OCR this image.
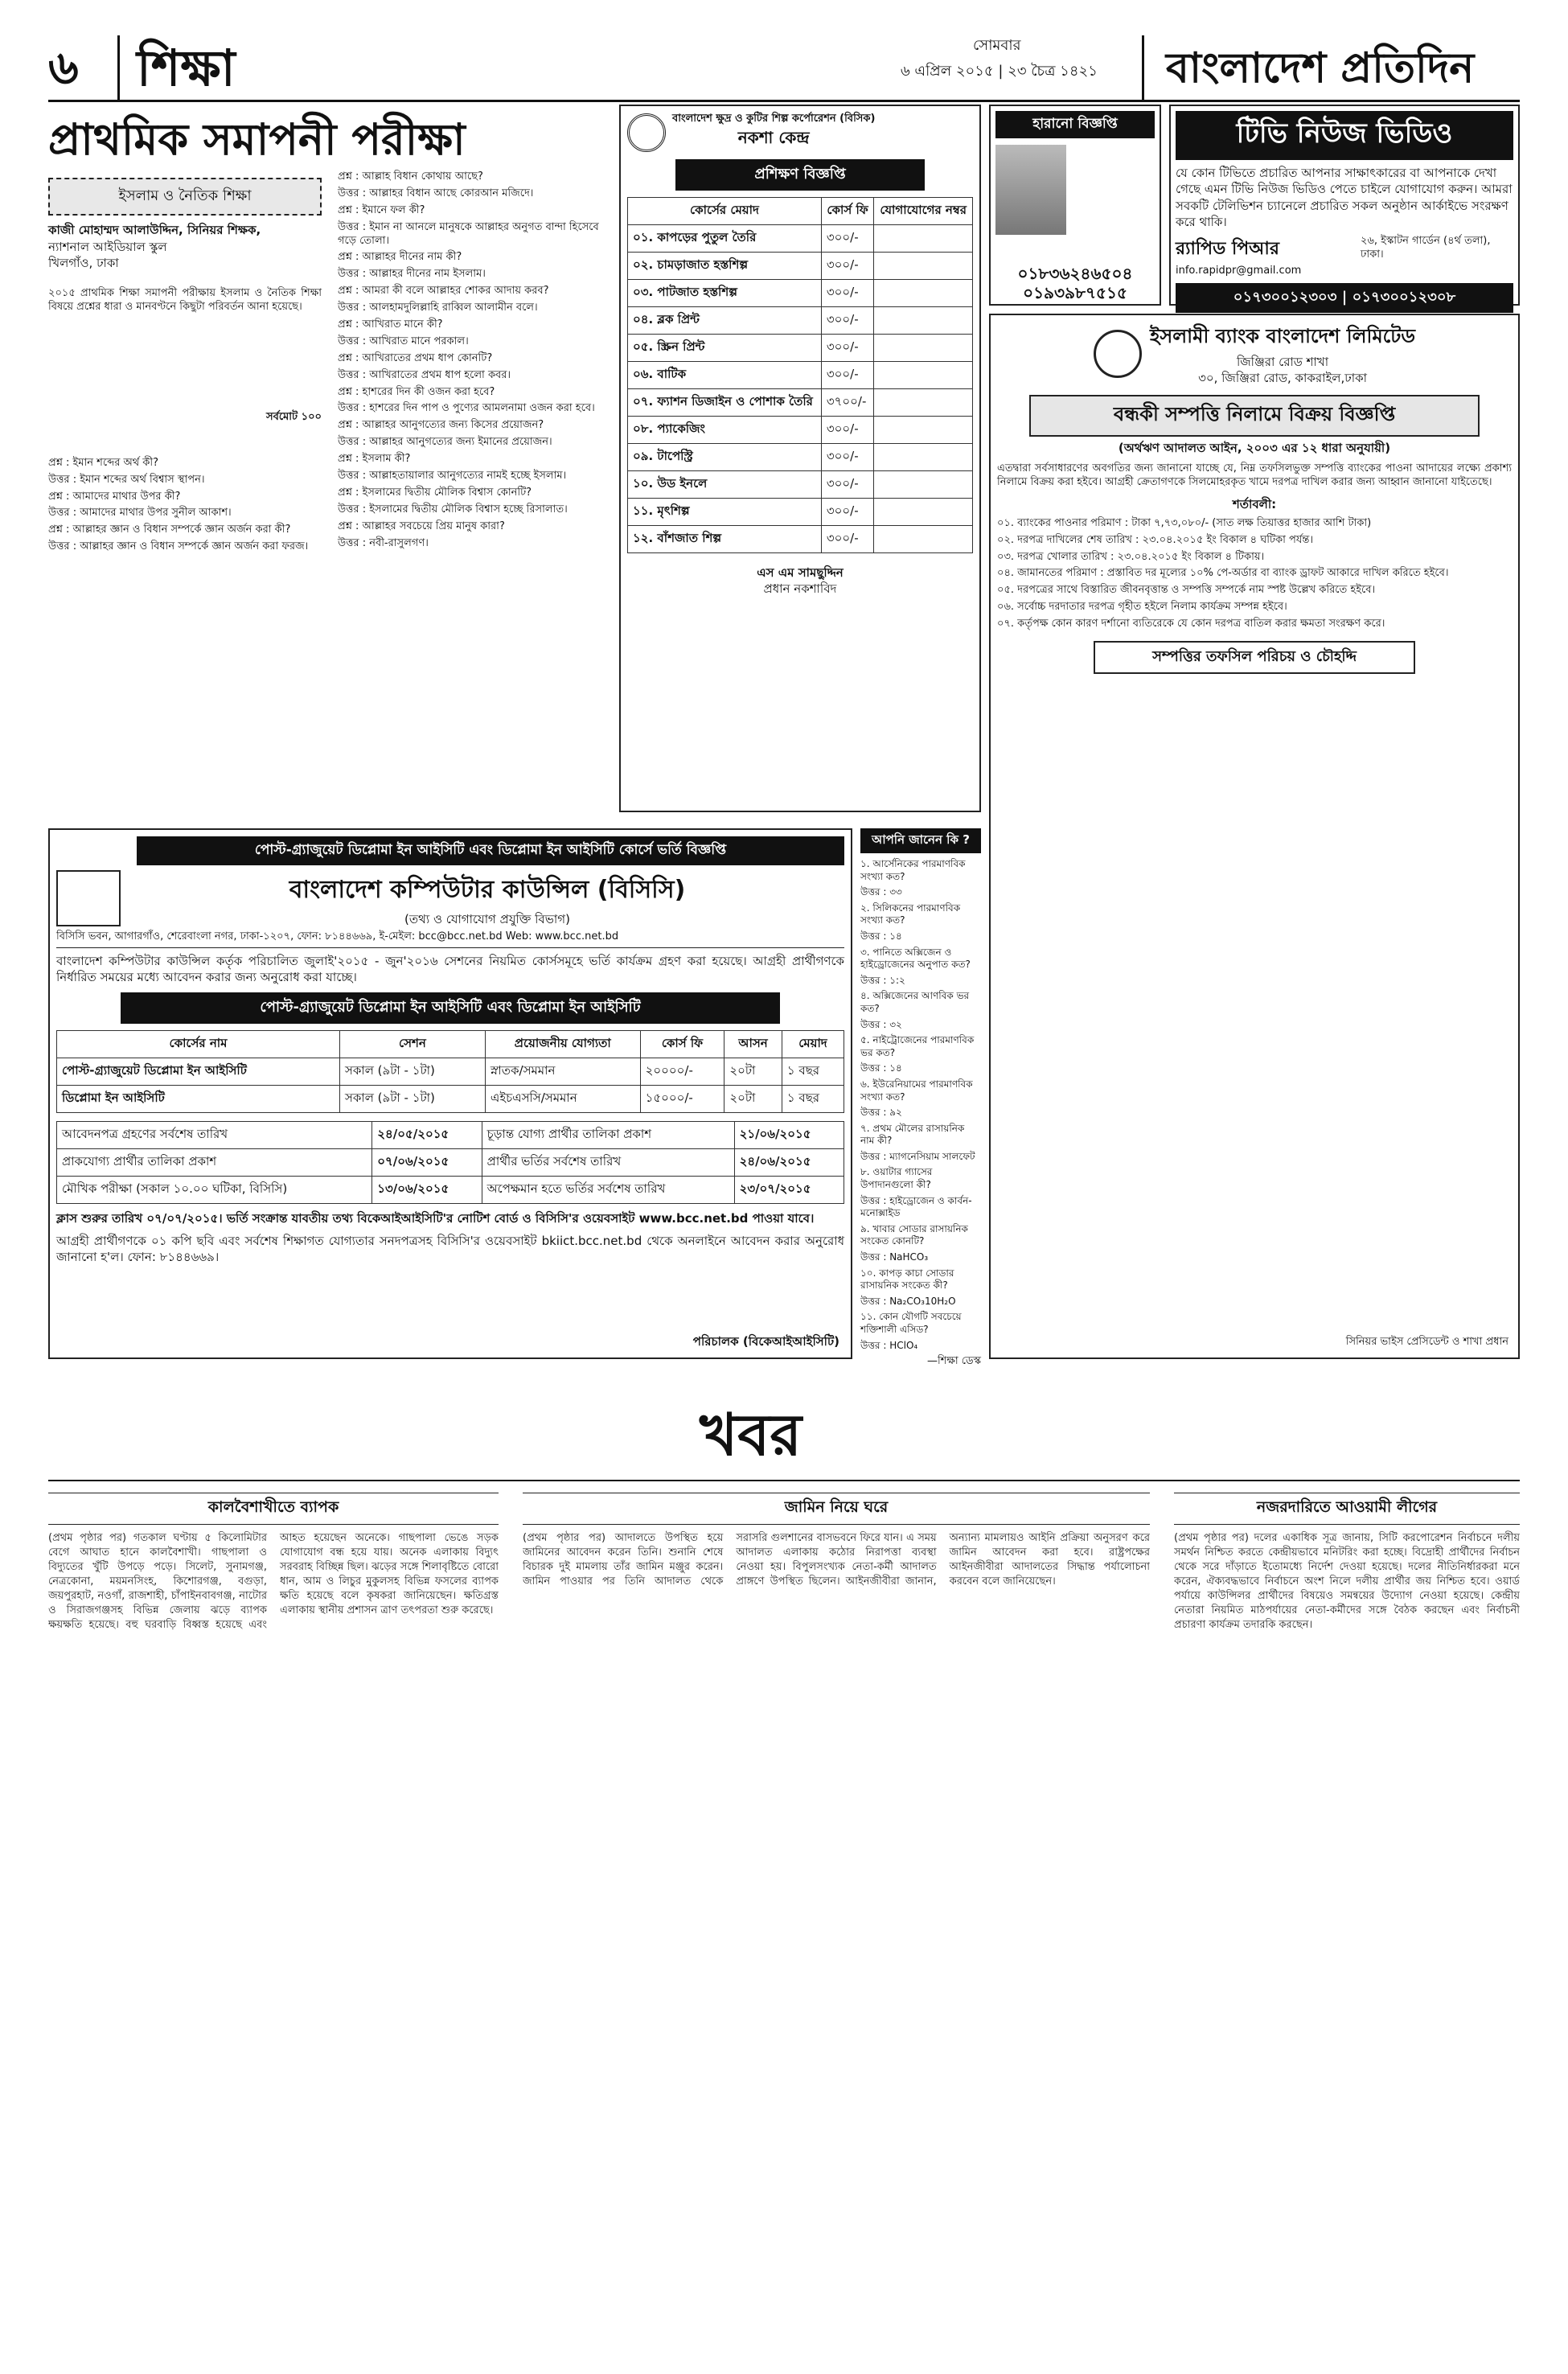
৬ শিক্ষা	সোমবার
৬ এপ্রিল ২০১৫ | ২৩ চৈত্র ১৪২১ বাংলাদেশ প্রতিদিন
প্রাথমিক সমাপনী পরীক্ষা
ইসলাম ও নৈতিক শিক্ষা
কাজী মোহাম্মদ আলাউদ্দিন, সিনিয়র শিক্ষক,
ন্যাশনাল আইডিয়াল স্কুল
খিলগাঁও, ঢাকা
২০১৫ প্রাথমিক শিক্ষা সমাপনী পরীক্ষায় ইসলাম ও নৈতিক শিক্ষা বিষয়ে প্রশ্নের ধারা ও মানবণ্টনে কিছুটা পরিবর্তন আনা হয়েছে।
সর্বমোট ১০০

প্রশ্ন : ইমান শব্দের অর্থ কী?

উত্তর : ইমান শব্দের অর্থ বিশ্বাস স্থাপন।

প্রশ্ন : আমাদের মাথার উপর কী?

উত্তর : আমাদের মাথার উপর সুনীল আকাশ।

প্রশ্ন : আল্লাহর জ্ঞান ও বিধান সম্পর্কে জ্ঞান অর্জন করা কী?

উত্তর : আল্লাহর জ্ঞান ও বিধান সম্পর্কে জ্ঞান অর্জন করা ফরজ।

প্রশ্ন : আল্লাহ বিধান কোথায় আছে?

উত্তর : আল্লাহর বিধান আছে কোরআন মজিদে।

প্রশ্ন : ইমানে ফল কী?

উত্তর : ইমান না আনলে মানুষকে আল্লাহর অনুগত বান্দা হিসেবে গড়ে তোলা।

প্রশ্ন : আল্লাহর দীনের নাম কী?

উত্তর : আল্লাহর দীনের নাম ইসলাম।

প্রশ্ন : আমরা কী বলে আল্লাহর শোকর আদায় করব?

উত্তর : আলহামদুলিল্লাহি রাব্বিল আলামীন বলে।

প্রশ্ন : আখিরাত মানে কী?

উত্তর : আখিরাত মানে পরকাল।

প্রশ্ন : আখিরাতের প্রথম ধাপ কোনটি?

উত্তর : আখিরাতের প্রথম ধাপ হলো কবর।

প্রশ্ন : হাশরের দিন কী ওজন করা হবে?

উত্তর : হাশরের দিন পাপ ও পুণ্যের আমলনামা ওজন করা হবে।

প্রশ্ন : আল্লাহর আনুগত্যের জন্য কিসের প্রয়োজন?

উত্তর : আল্লাহর আনুগত্যের জন্য ইমানের প্রয়োজন।

প্রশ্ন : ইসলাম কী?

উত্তর : আল্লাহতায়ালার আনুগত্যের নামই হচ্ছে ইসলাম।

প্রশ্ন : ইসলামের দ্বিতীয় মৌলিক বিশ্বাস কোনটি?

উত্তর : ইসলামের দ্বিতীয় মৌলিক বিশ্বাস হচ্ছে রিসালাত।

প্রশ্ন : আল্লাহর সবচেয়ে প্রিয় মানুষ কারা?

উত্তর : নবী-রাসুলগণ।

বাংলাদেশ ক্ষুদ্র ও কুটির শিল্প কর্পোরেশন (বিসিক)
নকশা কেন্দ্র
প্রশিক্ষণ বিজ্ঞপ্তি
কোর্সের মেয়াদ	কোর্স ফি	যোগাযোগের নম্বর
০১. কাপড়ের পুতুল তৈরি	৩০০/-	
০২. চামড়াজাত হস্তশিল্প	৩০০/-	
০৩. পাটজাত হস্তশিল্প	৩০০/-	
০৪. ব্লক প্রিন্ট	৩০০/-	
০৫. স্ক্রিন প্রিন্ট	৩০০/-	
০৬. বাটিক	৩০০/-	
০৭. ফ্যাশন ডিজাইন ও পোশাক তৈরি	৩৭০০/-	
০৮. প্যাকেজিং	৩০০/-	
০৯. টাপেস্ট্রি	৩০০/-	
১০. উড ইনলে	৩০০/-	
১১. মৃৎশিল্প	৩০০/-	
১২. বাঁশজাত শিল্প	৩০০/-	
এস এম সামছুদ্দিন
প্রধান নকশাবিদ
হারানো বিজ্ঞপ্তি
০১৮৩৬২৪৬৫০৪ ০১৯৩৯৮৭৫১৫
টিভি নিউজ ভিডিও
যে কোন টিভিতে প্রচারিত আপনার সাক্ষাৎকারের বা আপনাকে দেখা গেছে এমন টিভি নিউজ ভিডিও পেতে চাইলে যোগাযোগ করুন। আমরা সবকটি টেলিভিশন চ্যানেলে প্রচারিত সকল অনুষ্ঠান আর্কাইভে সংরক্ষণ করে থাকি।
র‍্যাপিড পিআর
info.rapidpr@gmail.com
২৬, ইস্কাটন গার্ডেন (৪র্থ তলা), ঢাকা।
০১৭৩০০১২৩০৩ | ০১৭৩০০১২৩০৮
ইসলামী ব্যাংক বাংলাদেশ লিমিটেড
জিঞ্জিরা রোড শাখা
৩০, জিঞ্জিরা রোড, কাকরাইল,ঢাকা
বন্ধকী সম্পত্তি নিলামে বিক্রয় বিজ্ঞপ্তি
(অর্থঋণ আদালত আইন, ২০০৩ এর ১২ ধারা অনুযায়ী)
এতদ্বারা সর্বসাধারণের অবগতির জন্য জানানো যাচ্ছে যে, নিম্ন তফসিলভুক্ত সম্পত্তি ব্যাংকের পাওনা আদায়ের লক্ষ্যে প্রকাশ্য নিলামে বিক্রয় করা হইবে। আগ্রহী ক্রেতাগণকে সিলমোহরকৃত খামে দরপত্র দাখিল করার জন্য আহ্বান জানানো যাইতেছে।
শর্তাবলী:

০১. ব্যাংকের পাওনার পরিমাণ : টাকা ৭,৭৩,০৮০/- (সাত লক্ষ তিয়াত্তর হাজার আশি টাকা)

০২. দরপত্র দাখিলের শেষ তারিখ : ২৩.০৪.২০১৫ ইং বিকাল ৪ ঘটিকা পর্যন্ত।

০৩. দরপত্র খোলার তারিখ : ২৩.০৪.২০১৫ ইং বিকাল ৪ টিকায়।

০৪. জামানতের পরিমাণ : প্রস্তাবিত দর মূল্যের ১০% পে-অর্ডার বা ব্যাংক ড্রাফট আকারে দাখিল করিতে হইবে।

০৫. দরপত্রের সাথে বিস্তারিত জীবনবৃত্তান্ত ও সম্পত্তি সম্পর্কে নাম স্পষ্ট উল্লেখ করিতে হইবে।

০৬. সর্বোচ্চ দরদাতার দরপত্র গৃহীত হইলে নিলাম কার্যক্রম সম্পন্ন হইবে।

০৭. কর্তৃপক্ষ কোন কারণ দর্শানো ব্যতিরেকে যে কোন দরপত্র বাতিল করার ক্ষমতা সংরক্ষণ করে।

সম্পত্তির তফসিল পরিচয় ও চৌহদ্দি
সিনিয়র ভাইস প্রেসিডেন্ট ও শাখা প্রধান
পোস্ট-গ্র্যাজুয়েট ডিপ্লোমা ইন আইসিটি এবং ডিপ্লোমা ইন আইসিটি কোর্সে ভর্তি বিজ্ঞপ্তি
বাংলাদেশ কম্পিউটার কাউন্সিল (বিসিসি)
(তথ্য ও যোগাযোগ প্রযুক্তি বিভাগ)
বিসিসি ভবন, আগারগাঁও, শেরেবাংলা নগর, ঢাকা-১২০৭, ফোন: ৮১৪৪৬৬৯, ই-মেইল: bcc@bcc.net.bd Web: www.bcc.net.bd
বাংলাদেশ কম্পিউটার কাউন্সিল কর্তৃক পরিচালিত জুলাই'২০১৫ - জুন'২০১৬ সেশনের নিয়মিত কোর্সসমূহে ভর্তি কার্যক্রম গ্রহণ করা হয়েছে। আগ্রহী প্রার্থীগণকে নির্ধারিত সময়ের মধ্যে আবেদন করার জন্য অনুরোধ করা যাচ্ছে।
পোস্ট-গ্র্যাজুয়েট ডিপ্লোমা ইন আইসিটি এবং ডিপ্লোমা ইন আইসিটি
কোর্সের নাম	সেশন	প্রয়োজনীয় যোগ্যতা	কোর্স ফি	আসন	মেয়াদ
পোস্ট-গ্র্যাজুয়েট ডিপ্লোমা ইন আইসিটি	সকাল (৯টা - ১টা)	স্নাতক/সমমান	২০০০০/-	২০টা	১ বছর
ডিপ্লোমা ইন আইসিটি	সকাল (৯টা - ১টা)	এইচএসসি/সমমান	১৫০০০/-	২০টা	১ বছর
আবেদনপত্র গ্রহণের সর্বশেষ তারিখ	২৪/০৫/২০১৫	চূড়ান্ত যোগ্য প্রার্থীর তালিকা প্রকাশ	২১/০৬/২০১৫
প্রাকযোগ্য প্রার্থীর তালিকা প্রকাশ	০৭/০৬/২০১৫	প্রার্থীর ভর্তির সর্বশেষ তারিখ	২৪/০৬/২০১৫
মৌখিক পরীক্ষা (সকাল ১০.০০ ঘটিকা, বিসিসি)	১৩/০৬/২০১৫	অপেক্ষমান হতে ভর্তির সর্বশেষ তারিখ	২৩/০৭/২০১৫
ক্লাস শুরুর তারিখ ০৭/০৭/২০১৫। ভর্তি সংক্রান্ত যাবতীয় তথ্য বিকেআইআইসিটি'র নোটিশ বোর্ড ও বিসিসি'র ওয়েবসাইট www.bcc.net.bd পাওয়া যাবে।
আগ্রহী প্রার্থীগণকে ০১ কপি ছবি এবং সর্বশেষ শিক্ষাগত যোগ্যতার সনদপত্রসহ বিসিসি'র ওয়েবসাইট bkiict.bcc.net.bd থেকে অনলাইনে আবেদন করার অনুরোধ জানানো হ'ল। ফোন: ৮১৪৪৬৬৯।
পরিচালক (বিকেআইআইসিটি)
আপনি জানেন কি ?

১. আর্সেনিকের পারমাণবিক সংখ্যা কত?

উত্তর : ৩৩

২. সিলিকনের পারমাণবিক সংখ্যা কত?

উত্তর : ১৪

৩. পানিতে অক্সিজেন ও হাইড্রোজেনের অনুপাত কত?

উত্তর : ১:২

৪. অক্সিজেনের আণবিক ভর কত?

উত্তর : ৩২

৫. নাইট্রোজেনের পারমাণবিক ভর কত?

উত্তর : ১৪

৬. ইউরেনিয়ামের পারমাণবিক সংখ্যা কত?

উত্তর : ৯২

৭. প্রথম মৌলের রাসায়নিক নাম কী?

উত্তর : ম্যাগনেসিয়াম সালফেট

৮. ওয়াটার গ্যাসের উপাদানগুলো কী?

উত্তর : হাইড্রোজেন ও কার্বন-মনোক্সাইড

৯. খাবার সোডার রাসায়নিক সংকেত কোনটি?

উত্তর : NaHCO₃

১০. কাপড় কাচা সোডার রাসায়নিক সংকেত কী?

উত্তর : Na₂CO₃10H₂O

১১. কোন যৌগটি সবচেয়ে শক্তিশালী এসিড?

উত্তর : HClO₄

—শিক্ষা ডেস্ক
খবর
কালবৈশাখীতে ব্যাপক
(প্রথম পৃষ্ঠার পর) গতকাল ঘণ্টায় ৫ কিলোমিটার বেগে আঘাত হানে কালবৈশাখী। গাছপালা ও বিদ্যুতের খুঁটি উপড়ে পড়ে। সিলেট, সুনামগঞ্জ, নেত্রকোনা, ময়মনসিংহ, কিশোরগঞ্জ, বগুড়া, জয়পুরহাট, নওগাঁ, রাজশাহী, চাঁপাইনবাবগঞ্জ, নাটোর ও সিরাজগঞ্জসহ বিভিন্ন জেলায় ঝড়ে ব্যাপক ক্ষয়ক্ষতি হয়েছে। বহু ঘরবাড়ি বিধ্বস্ত হয়েছে এবং আহত হয়েছেন অনেকে। গাছপালা ভেঙে সড়ক যোগাযোগ বন্ধ হয়ে যায়। অনেক এলাকায় বিদ্যুৎ সরবরাহ বিচ্ছিন্ন ছিল। ঝড়ের সঙ্গে শিলাবৃষ্টিতে বোরো ধান, আম ও লিচুর মুকুলসহ বিভিন্ন ফসলের ব্যাপক ক্ষতি হয়েছে বলে কৃষকরা জানিয়েছেন। ক্ষতিগ্রস্ত এলাকায় স্থানীয় প্রশাসন ত্রাণ তৎপরতা শুরু করেছে।
জামিন নিয়ে ঘরে
(প্রথম পৃষ্ঠার পর) আদালতে উপস্থিত হয়ে জামিনের আবেদন করেন তিনি। শুনানি শেষে বিচারক দুই মামলায় তাঁর জামিন মঞ্জুর করেন। জামিন পাওয়ার পর তিনি আদালত থেকে সরাসরি গুলশানের বাসভবনে ফিরে যান। এ সময় আদালত এলাকায় কঠোর নিরাপত্তা ব্যবস্থা নেওয়া হয়। বিপুলসংখ্যক নেতা-কর্মী আদালত প্রাঙ্গণে উপস্থিত ছিলেন। আইনজীবীরা জানান, অন্যান্য মামলায়ও আইনি প্রক্রিয়া অনুসরণ করে জামিন আবেদন করা হবে। রাষ্ট্রপক্ষের আইনজীবীরা আদালতের সিদ্ধান্ত পর্যালোচনা করবেন বলে জানিয়েছেন।
নজরদারিতে আওয়ামী লীগের
(প্রথম পৃষ্ঠার পর) দলের একাধিক সূত্র জানায়, সিটি করপোরেশন নির্বাচনে দলীয় সমর্থন নিশ্চিত করতে কেন্দ্রীয়ভাবে মনিটরিং করা হচ্ছে। বিদ্রোহী প্রার্থীদের নির্বাচন থেকে সরে দাঁড়াতে ইতোমধ্যে নির্দেশ দেওয়া হয়েছে। দলের নীতিনির্ধারকরা মনে করেন, ঐক্যবদ্ধভাবে নির্বাচনে অংশ নিলে দলীয় প্রার্থীর জয় নিশ্চিত হবে। ওয়ার্ড পর্যায়ে কাউন্সিলর প্রার্থীদের বিষয়েও সমন্বয়ের উদ্যোগ নেওয়া হয়েছে। কেন্দ্রীয় নেতারা নিয়মিত মাঠপর্যায়ের নেতা-কর্মীদের সঙ্গে বৈঠক করছেন এবং নির্বাচনী প্রচারণা কার্যক্রম তদারকি করছেন।
